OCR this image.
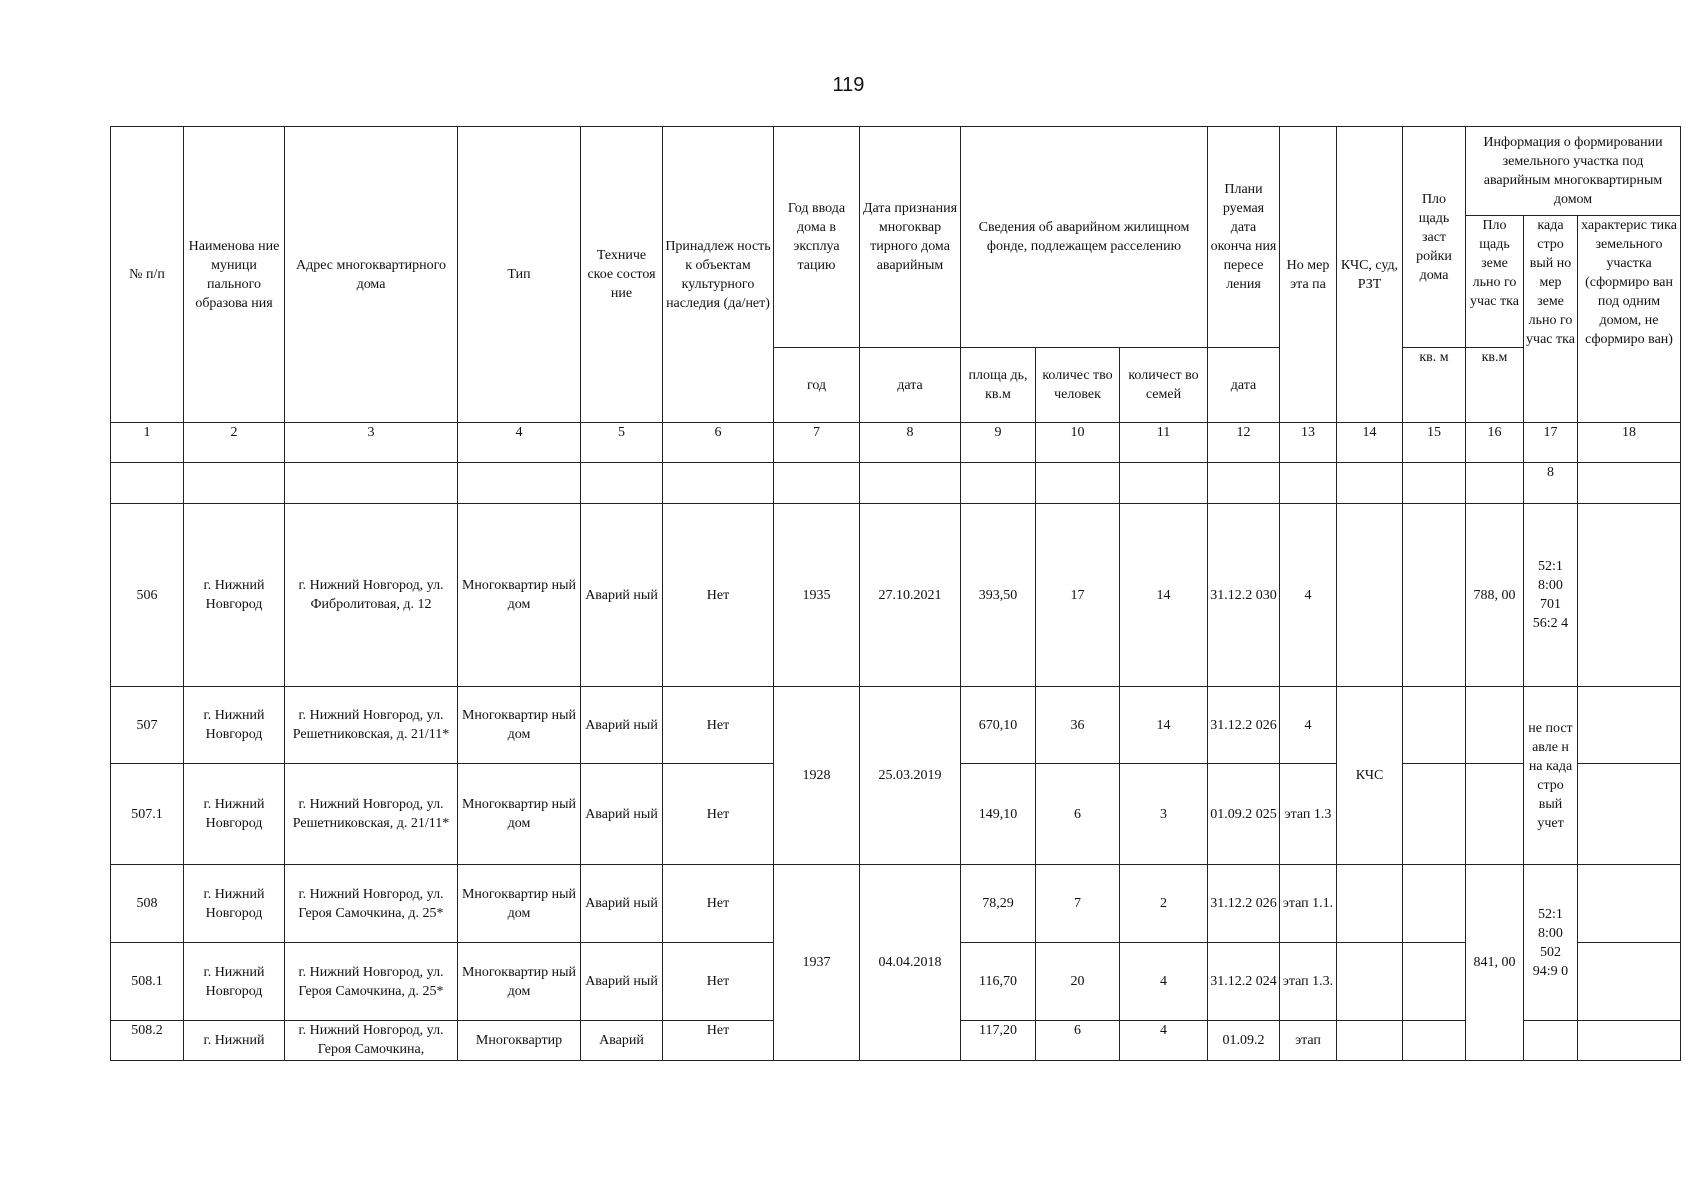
119
№ п/п	Наименова ние муници пального образова ния	Адрес многоквартирного дома	Тип	Техниче ское состоя ние	Принадлеж ность к объектам культурного наследия (да/нет)	Год ввода дома в эксплуа тацию	Дата признания многоквар тирного дома аварийным	Сведения об аварийном жилищном фонде, подлежащем расселению			Плани руемая дата оконча ния пересе ления	Но мер эта па	КЧС, суд, РЗТ	Пло щадь заст ройки дома	Информация о формировании земельного участка под аварийным многоквартирным домом		
															Пло щадь земе льно го учас тка	када стро вый но мер земе льно го учас тка	характерис тика земельного участка (сформиро ван под одним домом, не сформиро ван)
						год	дата	площа дь, кв.м	количес тво человек	количест во семей	дата			кв. м	кв.м		
1	2	3	4	5	6	7	8	9	10	11	12	13	14	15	16	17	18
																8	
506	г. Нижний Новгород	г. Нижний Новгород, ул. Фибролитовая, д. 12	Многоквартир ный дом	Аварий ный	Нет	1935	27.10.2021	393,50	17	14	31.12.2 030	4			788, 00	52:1 8:00 701 56:2 4	
507	г. Нижний Новгород	г. Нижний Новгород, ул. Решетниковская, д. 21/11*	Многоквартир ный дом	Аварий ный	Нет	1928	25.03.2019	670,10	36	14	31.12.2 026	4	КЧС			не пост авле н на када стро вый учет	
507.1	г. Нижний Новгород	г. Нижний Новгород, ул. Решетниковская, д. 21/11*	Многоквартир ный дом	Аварий ный	Нет			149,10	6	3	01.09.2 025	этап 1.3					
508	г. Нижний Новгород	г. Нижний Новгород, ул. Героя Самочкина, д. 25*	Многоквартир ный дом	Аварий ный	Нет	1937	04.04.2018	78,29	7	2	31.12.2 026	этап 1.1.			841, 00	52:1 8:00 502 94:9 0	
508.1	г. Нижний Новгород	г. Нижний Новгород, ул. Героя Самочкина, д. 25*	Многоквартир ный дом	Аварий ный	Нет			116,70	20	4	31.12.2 024	этап 1.3.					
508.2	г. Нижний	г. Нижний Новгород, ул. Героя Самочкина,	Многоквартир	Аварий	Нет			117,20	6	4	01.09.2	этап					
